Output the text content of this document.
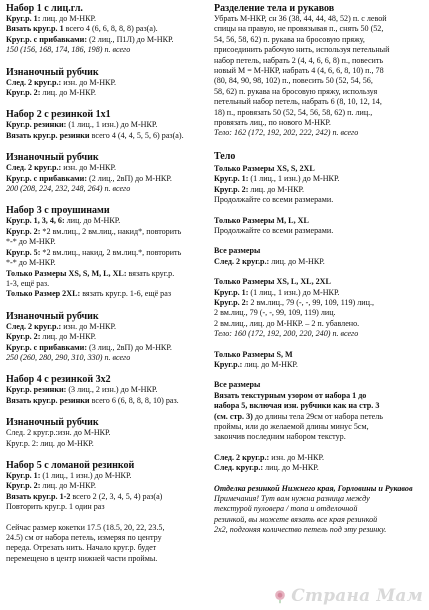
Набор 1 с лиц.гл.
Круг.р. 1: лиц. до М-НКР.
Вязать круг.р. 1 всего 4 (6, 6, 8, 8, 8) раз(а).
Круг.р. с прибавками: (2 лиц., П1Л) до М-НКР.
150 (156, 168, 174, 186, 198) п. всего
Изнаночный рубчик
След. 2 круг.р.: изн. до М-НКР.
Круг.р. 2: лиц. до М-НКР.
Набор 2 с резинкой 1х1
Круг.р. резинки: (1 лиц., 1 изн.) до М-НКР.
Вязать круг.р. резинки всего 4 (4, 4, 5, 5, 6) раз(а).
Изнаночный рубчик
След. 2 круг.р.: изн. до М-НКР.
Круг.р. с прибавками: (2 лиц., 2вП) до М-НКР.
200 (208, 224, 232, 248, 264) п. всего
Набор 3 с проушинами
Круг.р. 1, 3, 4, 6: лиц. до М-НКР.
Круг.р. 2: *2 вм.лиц., 2 вм.лиц., накид*, повторить
*-* до М-НКР.
Круг.р. 5: *2 вм.лиц., накид, 2 вм.лиц.*, повторить
*-* до М-НКР.
Только Размеры XS, S, M, L, XL: вязать круг.р.
1-3, ещё раз.
Только Размер 2XL: вязать круг.р. 1-6, ещё раз
Изнаночный рубчик
След. 2 круг.р.: изн. до М-НКР.
Круг.р. 2: лиц. до М-НКР.
Круг.р. с прибавками: (3 лиц., 2вП) до М-НКР.
250 (260, 280, 290, 310, 330) п. всего
Набор 4 с резинкой 3х2
Круг.р. резинки: (3 лиц., 2 изн.) до М-НКР.
Вязать круг.р. резинки всего 6 (6, 8, 8, 8, 10) раз.
Изнаночный рубчик
След. 2 круг.р.:изн. до М-НКР.
Круг.р. 2: лиц. до М-НКР.
Набор 5 с ломаной резинкой
Круг.р. 1: (1 лиц., 1 изн.) до М-НКР.
Круг.р. 2: лиц. до М-НКР.
Вязать круг.р. 1-2 всего 2 (2, 3, 4, 5, 4) раз(а)
Повторить круг.р. 1 один раз
Сейчас размер кокетки 17.5 (18.5, 20, 22, 23.5,
24.5) см от набора петель, измеряя по центру
переда. Отрезать нить. Начало круг.р. будет
перемещено в центр нижней части проймы.
Разделение тела и рукавов
Убрать М-НКР, сн 36 (38, 44, 44, 48, 52) п. с левой
спицы на правую, не провязывая п., снять 50 (52,
54, 56, 58, 62) п. рукава на бросовую пряжу,
присоединить рабочую нить, используя петельный
набор петель, набрать 2 (4, 4, 6, 6, 8) п., повесить
новый М = М-НКР, набрать 4 (4, 6, 6, 8, 10) п., 78
(80, 84, 90, 98, 102) п., повесить 50 (52, 54, 56,
58, 62) п. рукава на бросовую пряжу, используя
петельный набор петель, набрать 6 (8, 10, 12, 14,
18) п., провязать 50 (52, 54, 56, 58, 62) п. лиц.,
провязать лиц., по нового М-НКР.
Тело: 162 (172, 192, 202, 222, 242) п. всего
Тело
Только Размеры XS, S, 2XL
Круг.р. 1: (1 лиц., 1 изн.) до М-НКР.
Круг.р. 2: лиц. до М-НКР.
Продолжайте со всеми размерами.
Только Размеры M, L, XL
Продолжайте со всеми размерами.
Все размеры
След. 2 круг.р.: лиц. до М-НКР.
Только Размеры XS, L, XL, 2XL
Круг.р. 1: (1 лиц., 1 изн.) до М-НКР.
Круг.р. 2: 2 вм.лиц., 79 (-, -, 99, 109, 119) лиц.,
2 вм.лиц., 79 (-, -, 99, 109, 119) лиц.
2 вм.лиц., лиц. до М-НКР. – 2 п. убавлено.
Тело: 160 (172, 192, 200, 220, 240) п. всего
Только Размеры S, M
Круг.р.: лиц. до М-НКР.
Все размеры
Вязать текстурным узором от набора 1 до
набора 5, включая изн. рубчики как на стр. 3
(см. стр. 3) до длины тела 29см от набора петель
проймы, или до желаемой длины минус 5см,
закончив последним набором текстур.
След. 2 круг.р.: изн. до М-НКР.
След. круг.р.: лиц. до М-НКР.
Отделка резинкой Нижнего края, Горловины и Рукавов
Примечания! Тут вам нужна разница между
текстурой пуловера / топа и отделочной
резинкой, вы можете вязать все края резинкой
2х2, подгоняя количество петель под эту резинку.
Страна Мам
